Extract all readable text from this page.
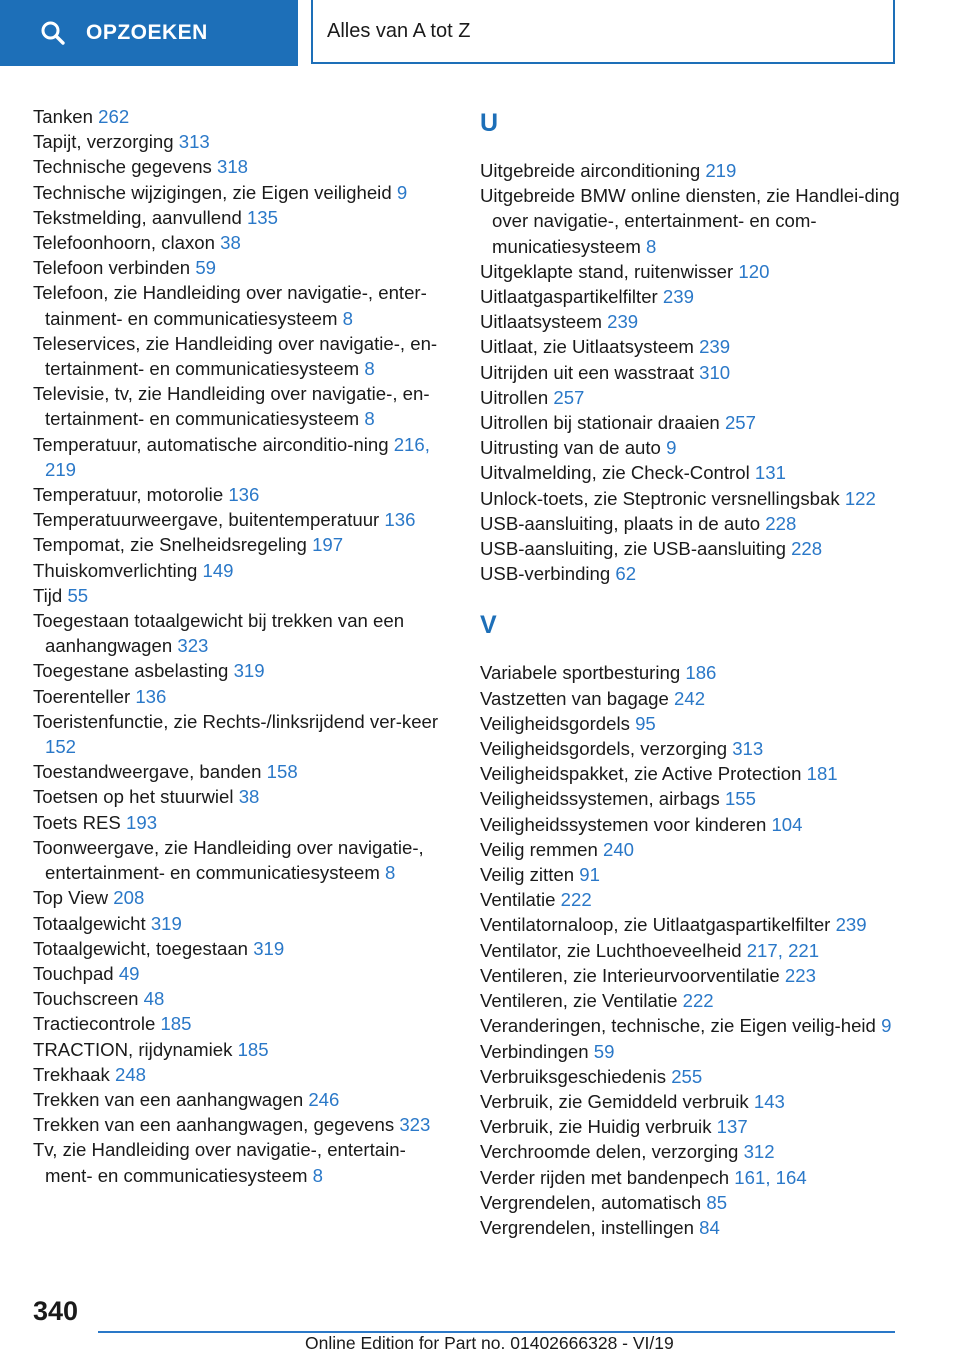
OPZOEKEN	Alles van A tot Z
Tanken 262
Tapijt, verzorging 313
Technische gegevens 318
Technische wijzigingen, zie Eigen veiligheid 9
Tekstmelding, aanvullend 135
Telefoonhoorn, claxon 38
Telefoon verbinden 59
Telefoon, zie Handleiding over navigatie-, enter-tainment- en communicatiesysteem 8
Teleservices, zie Handleiding over navigatie-, en-tertainment- en communicatiesysteem 8
Televisie, tv, zie Handleiding over navigatie-, en-tertainment- en communicatiesysteem 8
Temperatuur, automatische airconditio-ning 216, 219
Temperatuur, motorolie 136
Temperatuurweergave, buitentemperatuur 136
Tempomat, zie Snelheidsregeling 197
Thuiskomverlichting 149
Tijd 55
Toegestaan totaalgewicht bij trekken van een aanhangwagen 323
Toegestane asbelasting 319
Toerenteller 136
Toeristenfunctie, zie Rechts-/linksrijdend ver-keer 152
Toestandweergave, banden 158
Toetsen op het stuurwiel 38
Toets RES 193
Toonweergave, zie Handleiding over navigatie-, entertainment- en communicatiesysteem 8
Top View 208
Totaalgewicht 319
Totaalgewicht, toegestaan 319
Touchpad 49
Touchscreen 48
Tractiecontrole 185
TRACTION, rijdynamiek 185
Trekhaak 248
Trekken van een aanhangwagen 246
Trekken van een aanhangwagen, gegevens 323
Tv, zie Handleiding over navigatie-, entertain-ment- en communicatiesysteem 8
U
Uitgebreide airconditioning 219
Uitgebreide BMW online diensten, zie Handlei-ding over navigatie-, entertainment- en com-municatiesysteem 8
Uitgeklapte stand, ruitenwisser 120
Uitlaatgaspartikelfilter 239
Uitlaatsysteem 239
Uitlaat, zie Uitlaatsysteem 239
Uitrijden uit een wasstraat 310
Uitrollen 257
Uitrollen bij stationair draaien 257
Uitrusting van de auto 9
Uitvalmelding, zie Check-Control 131
Unlock-toets, zie Steptronic versnellingsbak 122
USB-aansluiting, plaats in de auto 228
USB-aansluiting, zie USB-aansluiting 228
USB-verbinding 62
V
Variabele sportbesturing 186
Vastzetten van bagage 242
Veiligheidsgordels 95
Veiligheidsgordels, verzorging 313
Veiligheidspakket, zie Active Protection 181
Veiligheidssystemen, airbags 155
Veiligheidssystemen voor kinderen 104
Veilig remmen 240
Veilig zitten 91
Ventilatie 222
Ventilatornaloop, zie Uitlaatgaspartikelfilter 239
Ventilator, zie Luchthoeveelheid 217, 221
Ventileren, zie Interieurvoorventilatie 223
Ventileren, zie Ventilatie 222
Veranderingen, technische, zie Eigen veilig-heid 9
Verbindingen 59
Verbruiksgeschiedenis 255
Verbruik, zie Gemiddeld verbruik 143
Verbruik, zie Huidig verbruik 137
Verchroomde delen, verzorging 312
Verder rijden met bandenpech 161, 164
Vergrendelen, automatisch 85
Vergrendelen, instellingen 84
340
Online Edition for Part no. 01402666328 - VI/19
